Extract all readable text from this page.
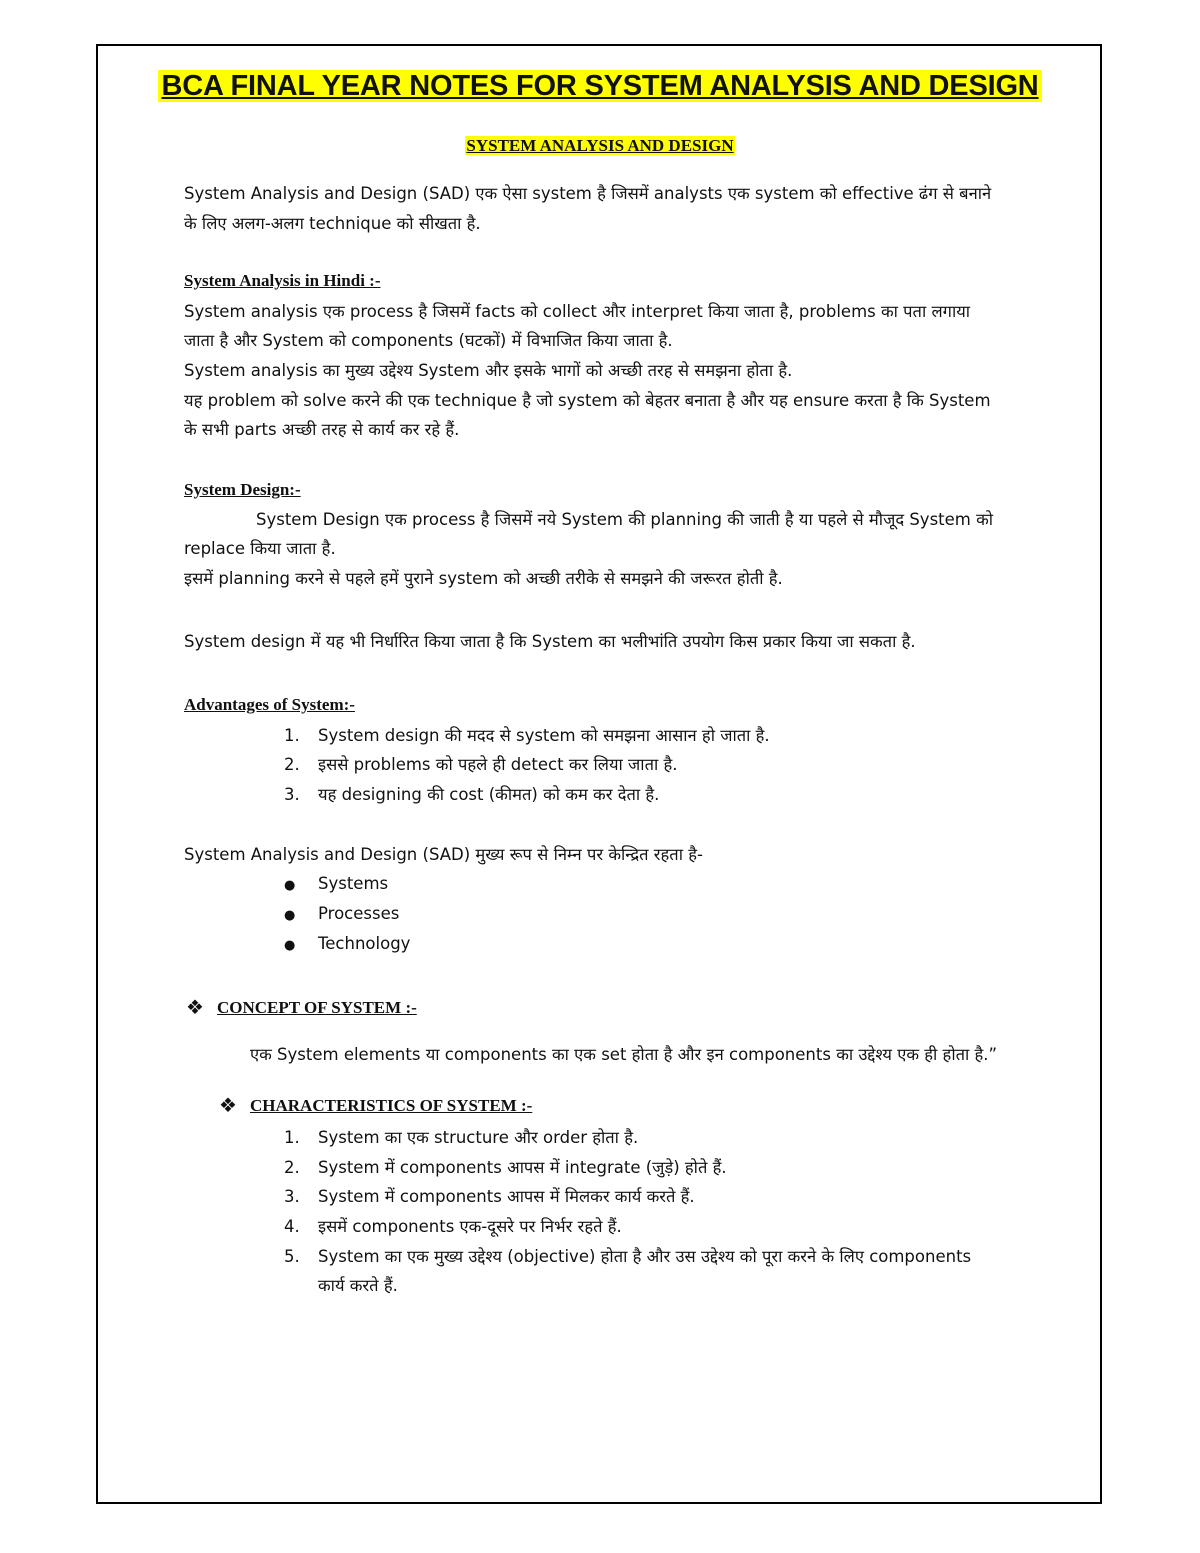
BCA FINAL YEAR NOTES FOR SYSTEM ANALYSIS AND DESIGN
SYSTEM ANALYSIS AND DESIGN
System Analysis and Design (SAD) एक ऐसा system है जिसमें analysts एक system को effective ढंग से बनाने
के लिए अलग-अलग technique को सीखता है.
System Analysis in Hindi :-
System analysis एक process है जिसमें facts को collect और interpret किया जाता है, problems का पता लगाया
जाता है और System को components (घटकों) में विभाजित किया जाता है.
System analysis का मुख्य उद्देश्य System और इसके भागों को अच्छी तरह से समझना होता है.
यह problem को solve करने की एक technique है जो system को बेहतर बनाता है और यह ensure करता है कि System
के सभी parts अच्छी तरह से कार्य कर रहे हैं.
System Design:-
System Design एक process है जिसमें नये System की planning की जाती है या पहले से मौजूद System को
replace किया जाता है.
इसमें planning करने से पहले हमें पुराने system को अच्छी तरीके से समझने की जरूरत होती है.
System design में यह भी निर्धारित किया जाता है कि System का भलीभांति उपयोग किस प्रकार किया जा सकता है.
Advantages of System:-
1. System design की मदद से system को समझना आसान हो जाता है.
2. इससे problems को पहले ही detect कर लिया जाता है.
3. यह designing की cost (कीमत) को कम कर देता है.
System Analysis and Design (SAD) मुख्य रूप से निम्न पर केन्द्रित रहता है-
● Systems
● Processes
● Technology
❖ CONCEPT OF SYSTEM :-
एक System elements या components का एक set होता है और इन components का उद्देश्य एक ही होता है.”
❖ CHARACTERISTICS OF SYSTEM :-
1. System का एक structure और order होता है.
2. System में components आपस में integrate (जुड़े) होते हैं.
3. System में components आपस में मिलकर कार्य करते हैं.
4. इसमें components एक-दूसरे पर निर्भर रहते हैं.
5. System का एक मुख्य उद्देश्य (objective) होता है और उस उद्देश्य को पूरा करने के लिए components
कार्य करते हैं.
